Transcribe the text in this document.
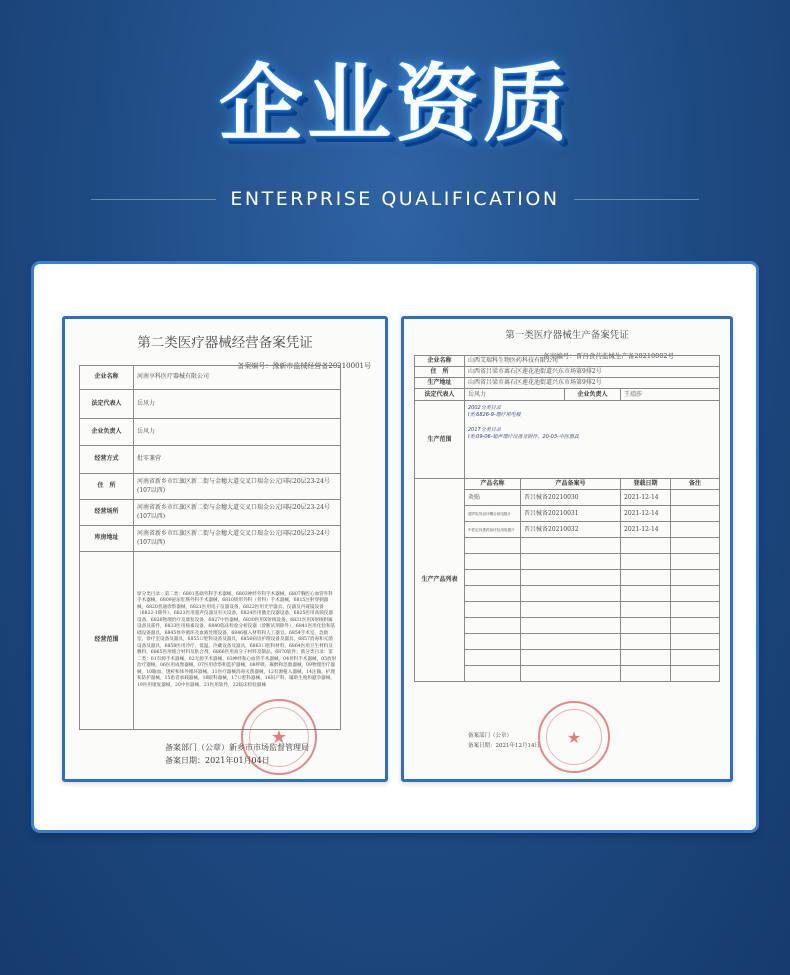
企业资质
ENTERPRISE QUALIFICATION
第二类医疗器械经营备案凭证
备案编号：豫新市监械经营备20210001号
企业名称	河南享科医疗器械有限公司
法定代表人	岳风力
企业负责人	岳风力
经营方式	批零兼营
住　所	河南省新乡市红旗区新二街与金穗大道交叉口瑞金公元国际20层23-24号(107以西)
经营场所	河南省新乡市红旗区新二街与金穗大道交叉口瑞金公元国际20层23-24号(107以西)
库房地址	河南省新乡市红旗区新二街与金穗大道交叉口瑞金公元国际20层23-24号(107以西)
经营范围	原分类目录：第二类：6801基础外科手术器械，6803神经外科手术器械，6807胸腔心血管外科手术器械，6809泌尿肛肠外科手术器械，6810矫形外科（骨科）手术器械，6815注射穿刺器械，6820普通诊察器械，6821医用电子仪器设备，6822医用光学器具、仪器及内窥镜设备（6822-1除外），6823医用超声仪器及有关设备，6824医用激光仪器设备，6825医用高频仪器设备，6826物理治疗及康复设备，6827中医器械，6830医用X射线设备，6831医用X射线附属设备及部件，6833医用核素设备，6840临床检验分析仪器（诊断试剂除外），6841医用化验和基础设备器具，6845体外循环及血液处理设备，6846植入材料和人工器官，6854手术室、急救室、诊疗室设备及器具，6855口腔科设备及器具，6856病房护理设备及器具，6857消毒和灭菌设备及器具，6858医用冷疗、低温、冷藏设备及器具，6863口腔科材料，6864医用卫生材料及敷料，6865医用缝合材料及粘合剂，6866医用高分子材料及制品，6870软件；新分类目录：第二类：01有源手术器械，02无源手术器械，03神经和心血管手术器械，04骨科手术器械，05放射治疗器械，06医用成像器械，07医用诊察和监护器械，08呼吸、麻醉和急救器械，09物理治疗器械，10输血、透析和体外循环器械，11医疗器械消毒灭菌器械，12有源植入器械，14注输、护理和防护器械，15患者承载器械，16眼科器械，17口腔科器械，18妇产科、辅助生殖和避孕器械，19医用康复器械，20中医器械，21医用软件，22临床检验器械
备案部门（公章）新乡市市场监督管理局
备案日期：2021年01月04日
★
第一类医疗器械生产备案凭证
备案编号：晋吕食药监械生产备20210002号
企业名称	山西艾瑞科生物医药科技有限公司				
住　所	山西省吕梁市离石区莲花池街道兴东市场第9排2号				
生产地址	山西省吕梁市离石区莲花池街道兴东市场第9排2号				
法定代表人	岳风力		企业负责人	王靖莎	
生产范围	2002分类目录
Ⅰ类:6826-9-理疗用电极
2017分类目录
Ⅰ类:09-06-超声理疗设备及附件，20-03-中医器具				

生产产品列表	产品名称	产品备案号		登载日期	备注
	灸贴	晋吕械备20210030		2021-12-14	
	超声电导治疗耦合贴电极片	晋吕械备20210031		2021-12-14	
	中医定向透药治疗仪用电极片	晋吕械备20210032		2021-12-14	

备案部门（公章）
备案日期：2021年12月14日 ★
